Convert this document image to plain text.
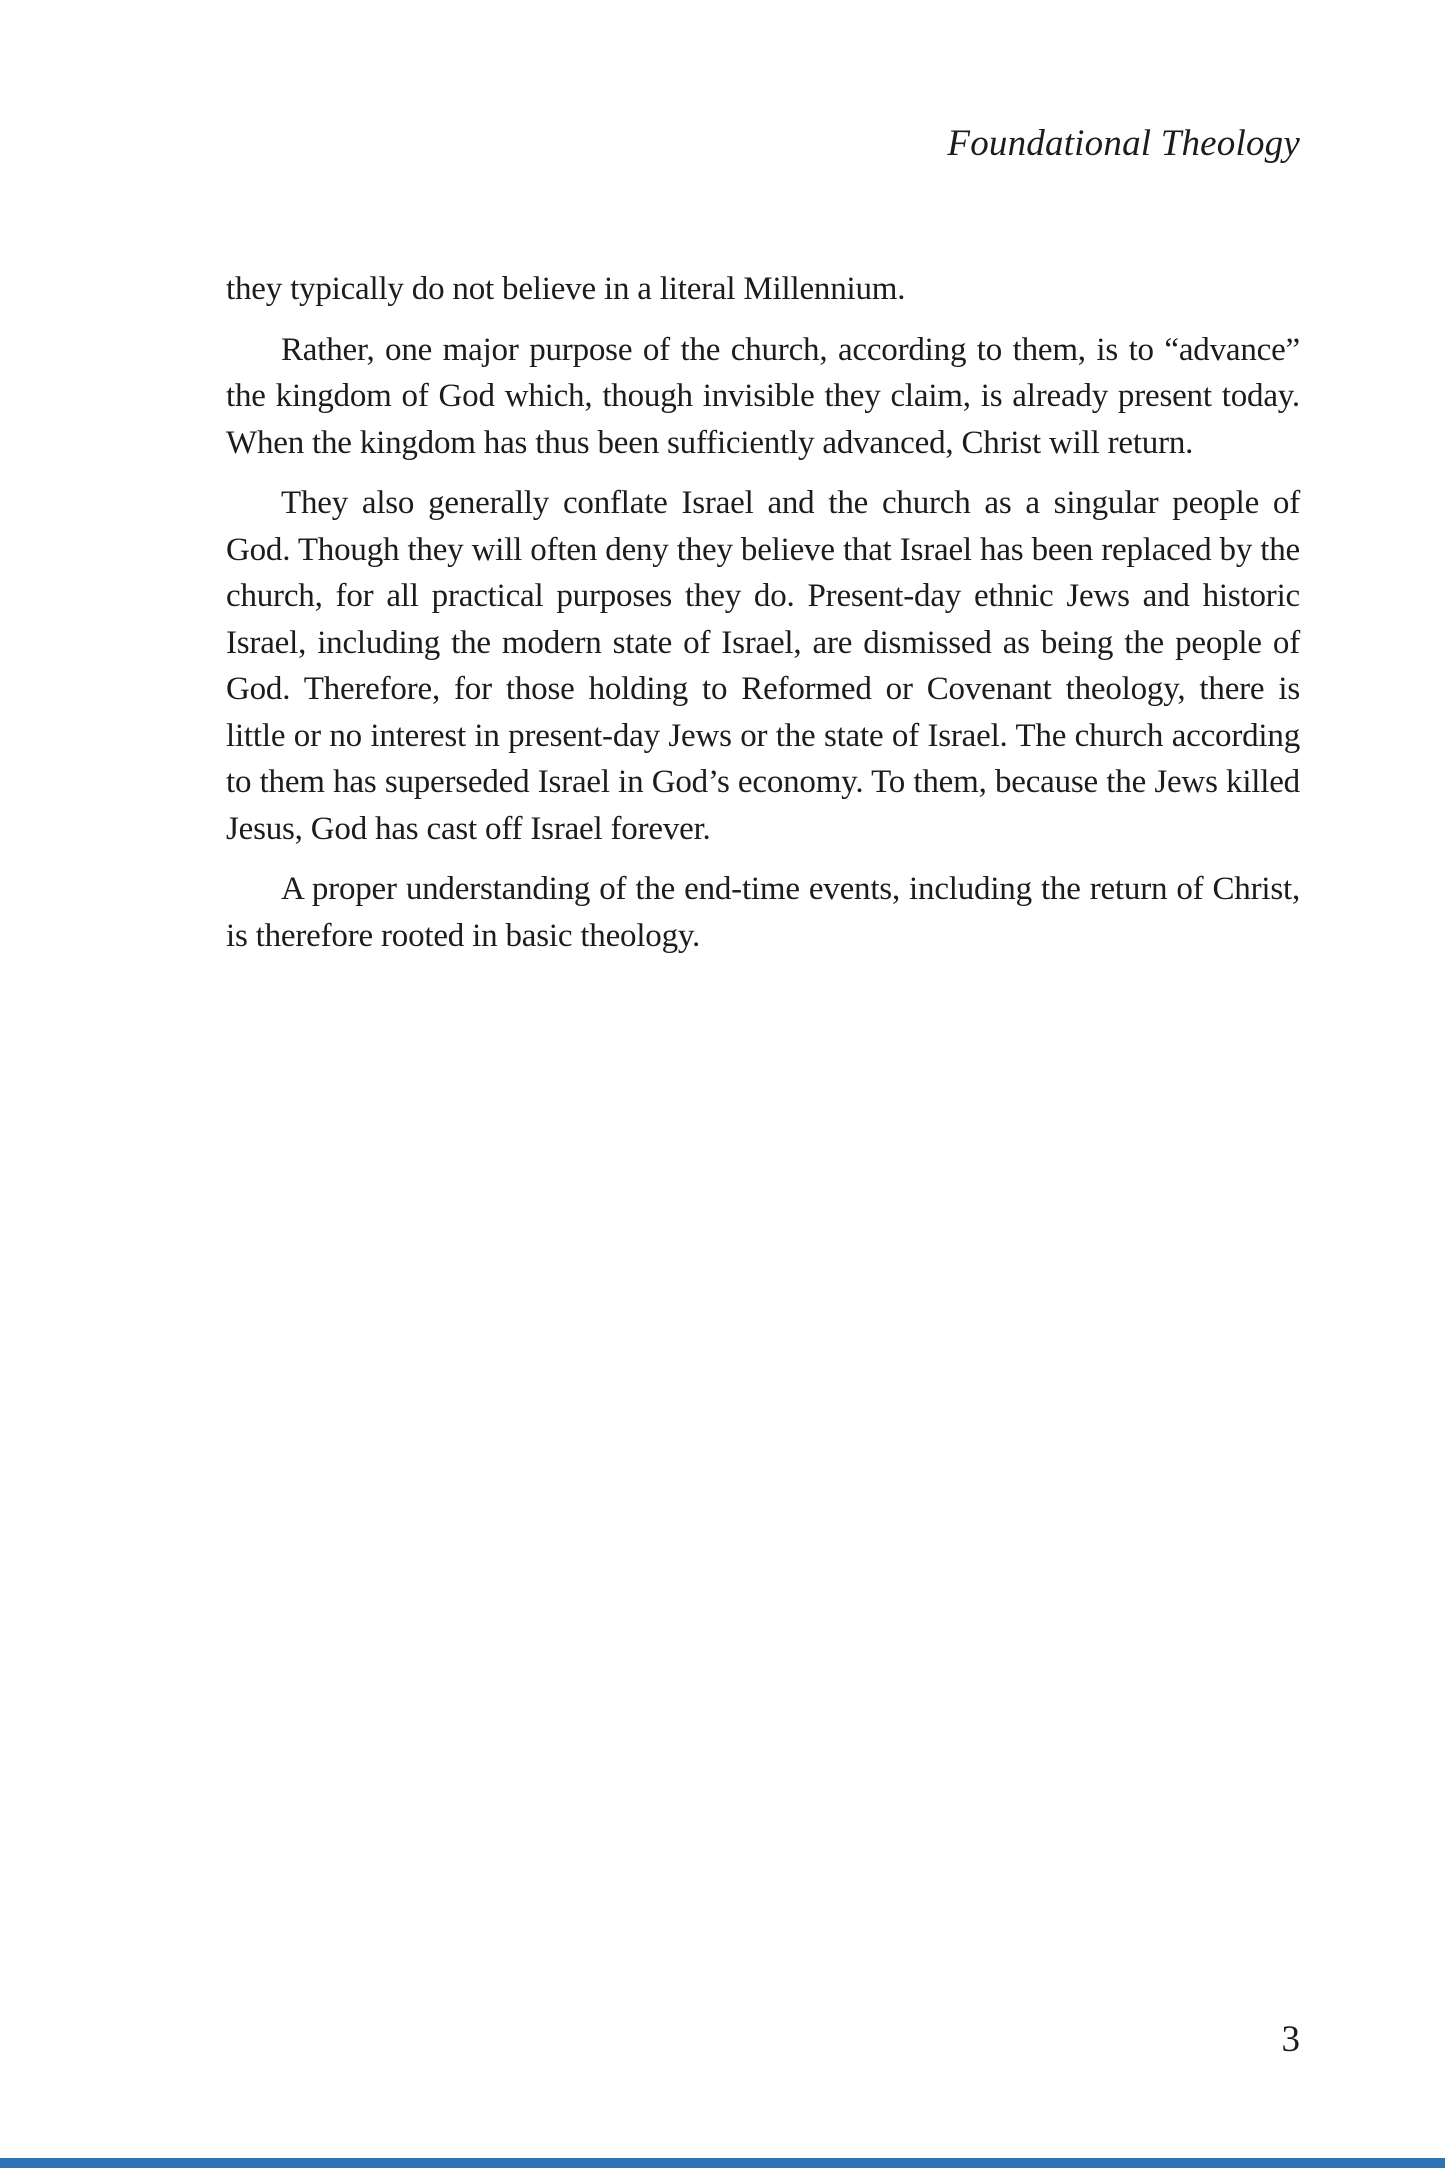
Foundational Theology

they typically do not believe in a literal Millennium.

Rather, one major purpose of the church, according to them, is to “advance” the kingdom of God which, though invisible they claim, is already present today. When the kingdom has thus been sufficiently advanced, Christ will return.

They also generally conflate Israel and the church as a singular people of God. Though they will often deny they believe that Israel has been replaced by the church, for all practical purposes they do. Present-day ethnic Jews and historic Israel, including the modern state of Israel, are dismissed as being the people of God. Therefore, for those holding to Reformed or Covenant theology, there is little or no interest in present-day Jews or the state of Israel. The church according to them has superseded Israel in God’s economy. To them, because the Jews killed Jesus, God has cast off Israel forever.

A proper understanding of the end-time events, including the return of Christ, is therefore rooted in basic theology.

3
